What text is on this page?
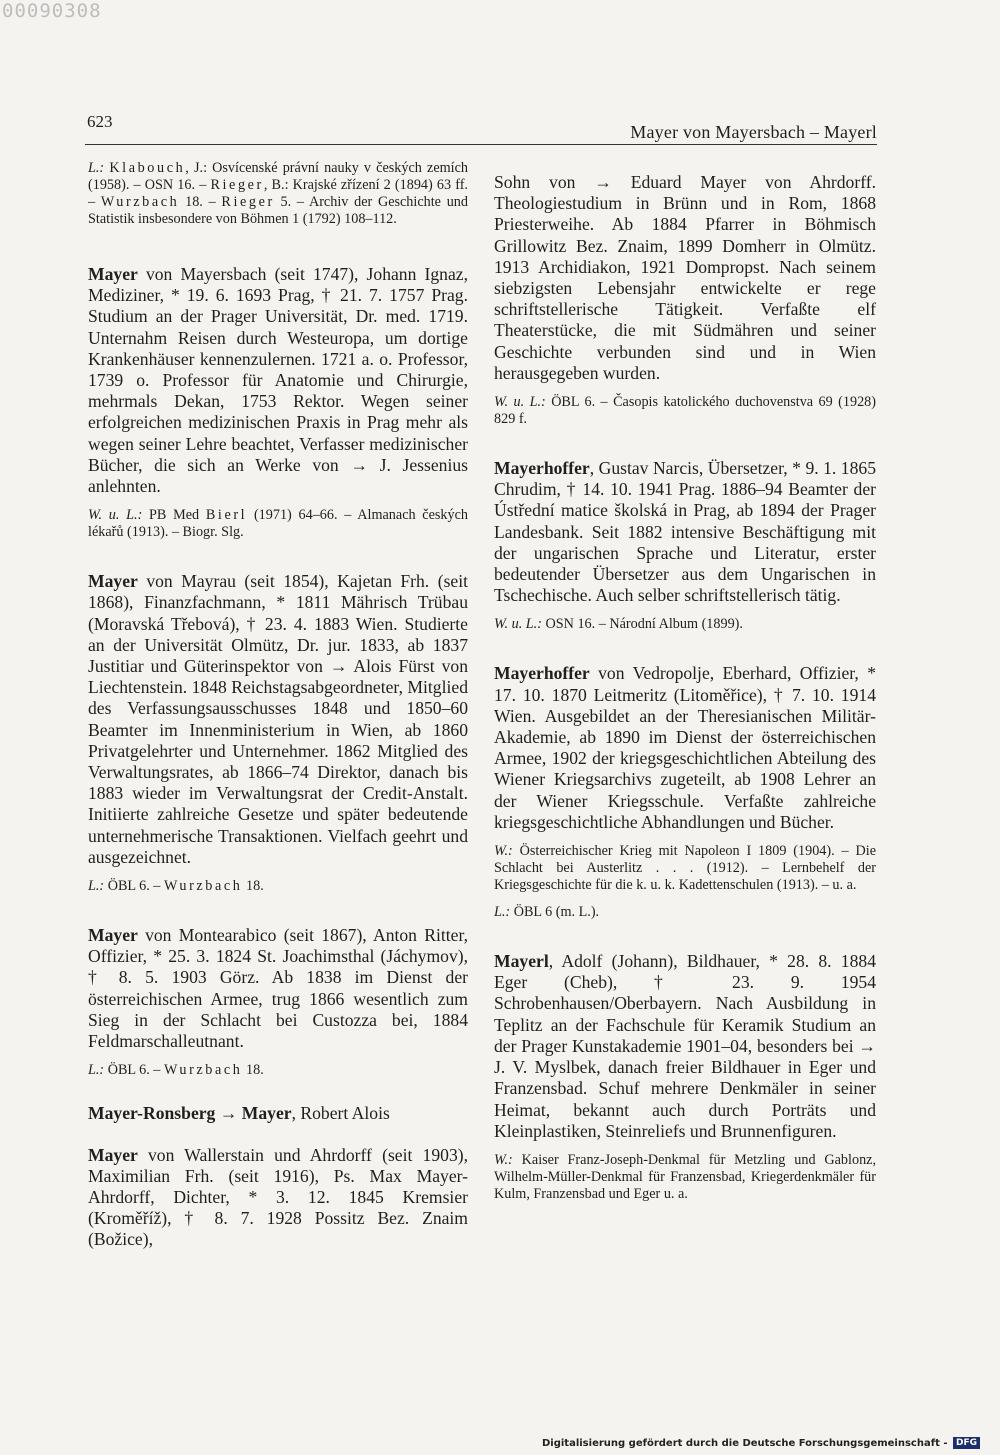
00090308
623
Mayer von Mayersbach – Mayerl

L.: Klabouch, J.: Osvícenské právní nauky v českých zemích (1958). – OSN 16. – Rieger, B.: Krajské zřízení 2 (1894) 63 ff. – Wurzbach 18. – Rieger 5. – Archiv der Geschichte und Statistik insbesondere von Böhmen 1 (1792) 108–112.

Mayer von Mayersbach (seit 1747), Johann Ignaz, Mediziner, * 19. 6. 1693 Prag, † 21. 7. 1757 Prag. Studium an der Prager Universität, Dr. med. 1719. Unternahm Reisen durch Westeuropa, um dortige Krankenhäuser kennenzulernen. 1721 a. o. Professor, 1739 o. Professor für Anatomie und Chirurgie, mehrmals Dekan, 1753 Rektor. Wegen seiner erfolgreichen medizinischen Praxis in Prag mehr als wegen seiner Lehre beachtet, Verfasser medizinischer Bücher, die sich an Werke von → J. Jessenius anlehnten.

W. u. L.: PB Med Bierl (1971) 64–66. – Almanach českých lékařů (1913). – Biogr. Slg.

Mayer von Mayrau (seit 1854), Kajetan Frh. (seit 1868), Finanzfachmann, * 1811 Mährisch Trübau (Moravská Třebová), † 23. 4. 1883 Wien. Studierte an der Universität Olmütz, Dr. jur. 1833, ab 1837 Justitiar und Güterinspektor von → Alois Fürst von Liechtenstein. 1848 Reichstagsabgeordneter, Mitglied des Verfassungsausschusses 1848 und 1850–60 Beamter im Innenministerium in Wien, ab 1860 Privatgelehrter und Unternehmer. 1862 Mitglied des Verwaltungsrates, ab 1866–74 Direktor, danach bis 1883 wieder im Verwaltungsrat der Credit-Anstalt. Initiierte zahlreiche Gesetze und später bedeutende unternehmerische Transaktionen. Vielfach geehrt und ausgezeichnet.

L.: ÖBL 6. – Wurzbach 18.

Mayer von Montearabico (seit 1867), Anton Ritter, Offizier, * 25. 3. 1824 St. Joachimsthal (Jáchymov), † 8. 5. 1903 Görz. Ab 1838 im Dienst der österreichischen Armee, trug 1866 wesentlich zum Sieg in der Schlacht bei Custozza bei, 1884 Feldmarschalleutnant.

L.: ÖBL 6. – Wurzbach 18.

Mayer-Ronsberg → Mayer, Robert Alois

Mayer von Wallerstain und Ahrdorff (seit 1903), Maximilian Frh. (seit 1916), Ps. Max Mayer-Ahrdorff, Dichter, * 3. 12. 1845 Kremsier (Kroměříž), † 8. 7. 1928 Possitz Bez. Znaim (Božice),

Sohn von → Eduard Mayer von Ahrdorff. Theologiestudium in Brünn und in Rom, 1868 Priesterweihe. Ab 1884 Pfarrer in Böhmisch Grillowitz Bez. Znaim, 1899 Domherr in Olmütz. 1913 Archidiakon, 1921 Dompropst. Nach seinem siebzigsten Lebensjahr entwickelte er rege schriftstellerische Tätigkeit. Verfaßte elf Theaterstücke, die mit Südmähren und seiner Geschichte verbunden sind und in Wien herausgegeben wurden.

W. u. L.: ÖBL 6. – Časopis katolického duchovenstva 69 (1928) 829 f.

Mayerhoffer, Gustav Narcis, Übersetzer, * 9. 1. 1865 Chrudim, † 14. 10. 1941 Prag. 1886–94 Beamter der Ústřední matice školská in Prag, ab 1894 der Prager Landesbank. Seit 1882 intensive Beschäftigung mit der ungarischen Sprache und Literatur, erster bedeutender Übersetzer aus dem Ungarischen in Tschechische. Auch selber schriftstellerisch tätig.

W. u. L.: OSN 16. – Národní Album (1899).

Mayerhoffer von Vedropolje, Eberhard, Offizier, * 17. 10. 1870 Leitmeritz (Litoměřice), † 7. 10. 1914 Wien. Ausgebildet an der Theresianischen Militär-Akademie, ab 1890 im Dienst der österreichischen Armee, 1902 der kriegsgeschichtlichen Abteilung des Wiener Kriegsarchivs zugeteilt, ab 1908 Lehrer an der Wiener Kriegsschule. Verfaßte zahlreiche kriegsgeschichtliche Abhandlungen und Bücher.

W.: Österreichischer Krieg mit Napoleon I 1809 (1904). – Die Schlacht bei Austerlitz . . . (1912). – Lernbehelf der Kriegsgeschichte für die k. u. k. Kadettenschulen (1913). – u. a.

L.: ÖBL 6 (m. L.).

Mayerl, Adolf (Johann), Bildhauer, * 28. 8. 1884 Eger (Cheb), † 23. 9. 1954 Schrobenhausen/Oberbayern. Nach Ausbildung in Teplitz an der Fachschule für Keramik Studium an der Prager Kunstakademie 1901–04, besonders bei → J. V. Myslbek, danach freier Bildhauer in Eger und Franzensbad. Schuf mehrere Denkmäler in seiner Heimat, bekannt auch durch Porträts und Kleinplastiken, Steinreliefs und Brunnenfiguren.

W.: Kaiser Franz-Joseph-Denkmal für Metzling und Gablonz, Wilhelm-Müller-Denkmal für Franzensbad, Kriegerdenkmäler für Kulm, Franzensbad und Eger u. a.

Digitalisierung gefördert durch die Deutsche Forschungsgemeinschaft - DFG
